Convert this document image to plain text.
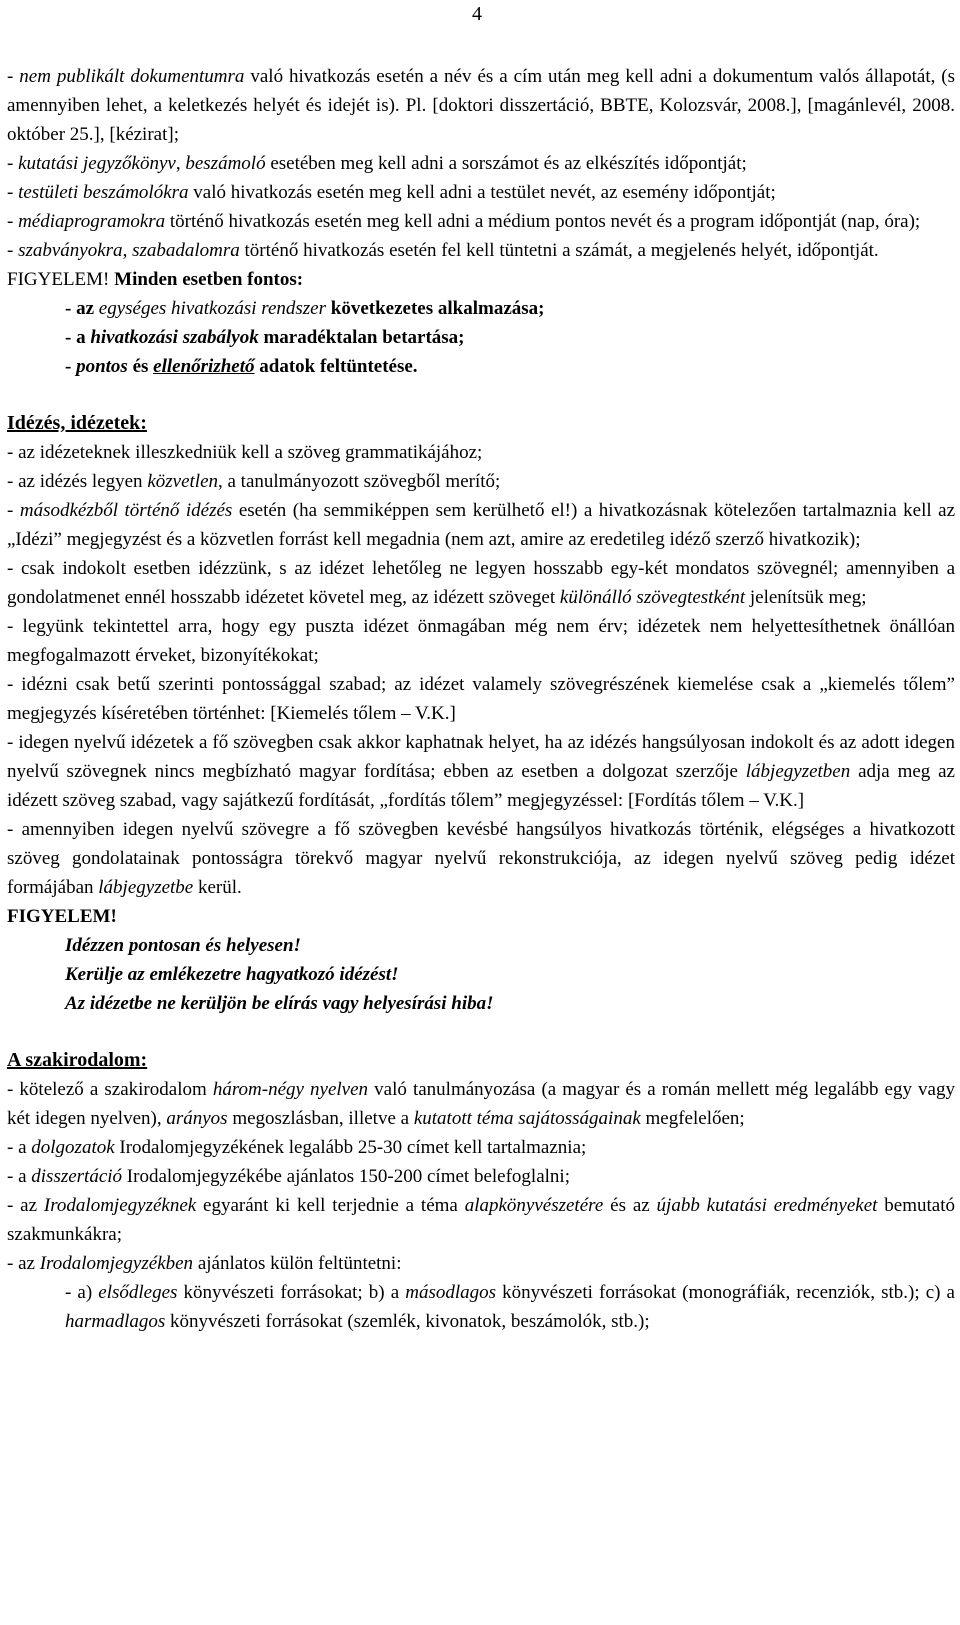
4
- nem publikált dokumentumra való hivatkozás esetén a név és a cím után meg kell adni a dokumentum valós állapotát, (s amennyiben lehet, a keletkezés helyét és idejét is). Pl. [doktori disszertáció, BBTE, Kolozsvár, 2008.], [magánlevél, 2008. október 25.], [kézirat];
- kutatási jegyzőkönyv, beszámoló esetében meg kell adni a sorszámot és az elkészítés időpontját;
- testületi beszámolókra való hivatkozás esetén meg kell adni a testület nevét, az esemény időpontját;
- médiaprogramokra történő hivatkozás esetén meg kell adni a médium pontos nevét és a program időpontját (nap, óra);
- szabványokra, szabadalomra történő hivatkozás esetén fel kell tüntetni a számát, a megjelenés helyét, időpontját.
FIGYELEM! Minden esetben fontos:
- az egységes hivatkozási rendszer következetes alkalmazása;
- a hivatkozási szabályok maradéktalan betartása;
- pontos és ellenőrizhető adatok feltüntetése.
Idézés, idézetek:
- az idézeteknek illeszkedniük kell a szöveg grammatikájához;
- az idézés legyen közvetlen, a tanulmányozott szövegből merítő;
- másodkézből történő idézés esetén (ha semmiképpen sem kerülhető el!) a hivatkozásnak kötelezően tartalmaznia kell az „Idézi” megjegyzést és a közvetlen forrást kell megadnia (nem azt, amire az eredetileg idéző szerző hivatkozik);
- csak indokolt esetben idézzünk, s az idézet lehetőleg ne legyen hosszabb egy-két mondatos szövegnél; amennyiben a gondolatmenet ennél hosszabb idézetet követel meg, az idézett szöveget különálló szövegtestként jelenítsük meg;
- legyünk tekintettel arra, hogy egy puszta idézet önmagában még nem érv; idézetek nem helyettesíthetnek önállóan megfogalmazott érveket, bizonyítékokat;
- idézni csak betű szerinti pontossággal szabad; az idézet valamely szövegrészének kiemelése csak a „kiemelés tőlem” megjegyzés kíséretében történhet: [Kiemelés tőlem – V.K.]
- idegen nyelvű idézetek a fő szövegben csak akkor kaphatnak helyet, ha az idézés hangsúlyosan indokolt és az adott idegen nyelvű szövegnek nincs megbízható magyar fordítása; ebben az esetben a dolgozat szerzője lábjegyzetben adja meg az idézett szöveg szabad, vagy sajátkezű fordítását, „fordítás tőlem” megjegyzéssel: [Fordítás tőlem – V.K.]
- amennyiben idegen nyelvű szövegre a fő szövegben kevésbé hangsúlyos hivatkozás történik, elégséges a hivatkozott szöveg gondolatainak pontosságra törekvő magyar nyelvű rekonstrukciója, az idegen nyelvű szöveg pedig idézet formájában lábjegyzetbe kerül.
FIGYELEM!
Idézzen pontosan és helyesen!
Kerülje az emlékezetre hagyatkozó idézést!
Az idézetbe ne kerüljön be elírás vagy helyesírási hiba!
A szakirodalom:
- kötelező a szakirodalom három-négy nyelven való tanulmányozása (a magyar és a román mellett még legalább egy vagy két idegen nyelven), arányos megoszlásban, illetve a kutatott téma sajátosságainak megfelelően;
- a dolgozatok Irodalomjegyzékének legalább 25-30 címet kell tartalmaznia;
- a disszertáció Irodalomjegyzékébe ajánlatos 150-200 címet belefoglalni;
- az Irodalomjegyzéknek egyaránt ki kell terjednie a téma alapkönyvészetére és az újabb kutatási eredményeket bemutató szakmunkákra;
- az Irodalomjegyzékben ajánlatos külön feltüntetni:
- a) elsődleges könyvészeti forrásokat; b) a másodlagos könyvészeti forrásokat (monográfiák, recenziók, stb.); c) a harmadlagos könyvészeti forrásokat (szemlék, kivonatok, beszámolók, stb.);
